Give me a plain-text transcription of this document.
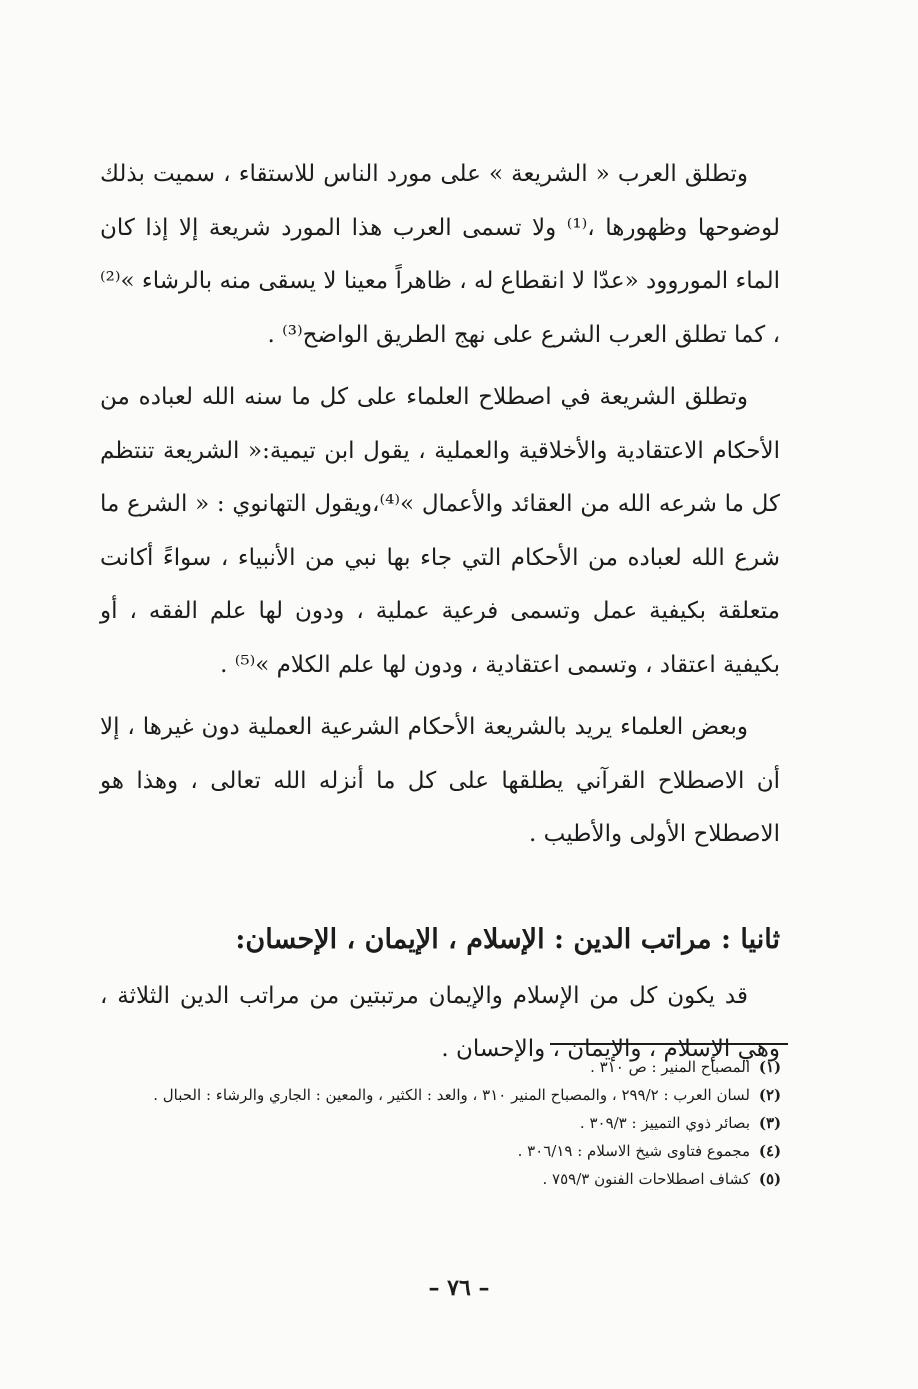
وتطلق العرب « الشريعة » على مورد الناس للاستقاء ، سميت بذلك لوضوحها وظهورها ،⁽¹⁾ ولا تسمى العرب هذا المورد شريعة إلا إذا كان الماء الموروود «عدّا لا انقطاع له ، ظاهراً معينا لا يسقى منه بالرشاء »⁽²⁾ ، كما تطلق العرب الشرع على نهج الطريق الواضح⁽³⁾ .

وتطلق الشريعة في اصطلاح العلماء على كل ما سنه الله لعباده من الأحكام الاعتقادية والأخلاقية والعملية ، يقول ابن تيمية:« الشريعة تنتظم كل ما شرعه الله من العقائد والأعمال »⁽⁴⁾،ويقول التهانوي : « الشرع ما شرع الله لعباده من الأحكام التي جاء بها نبي من الأنبياء ، سواءً أكانت متعلقة بكيفية عمل وتسمى فرعية عملية ، ودون لها علم الفقه ، أو بكيفية اعتقاد ، وتسمى اعتقادية ، ودون لها علم الكلام »⁽⁵⁾ .

وبعض العلماء يريد بالشريعة الأحكام الشرعية العملية دون غيرها ، إلا أن الاصطلاح القرآني يطلقها على كل ما أنزله الله تعالى ، وهذا هو الاصطلاح الأولى والأطيب .

ثانيا : مراتب الدين : الإسلام ، الإيمان ، الإحسان:

قد يكون كل من الإسلام والإيمان مرتبتين من مراتب الدين الثلاثة ، وهي الإسلام ، والإيمان ، والإحسان .

(١)
المصباح المنير : ص ٣١٠ .
(٢)
لسان العرب : ٢٩٩/٢ ، والمصباح المنير ٣١٠ ، والعد : الكثير ، والمعين : الجاري والرشاء : الحبال .
(٣)
بصائر ذوي التمييز : ٣٠٩/٣ .
(٤)
مجموع فتاوى شيخ الاسلام : ٣٠٦/١٩ .
(٥)
كشاف اصطلاحات الفنون ٧٥٩/٣ .
– ٧٦ –
